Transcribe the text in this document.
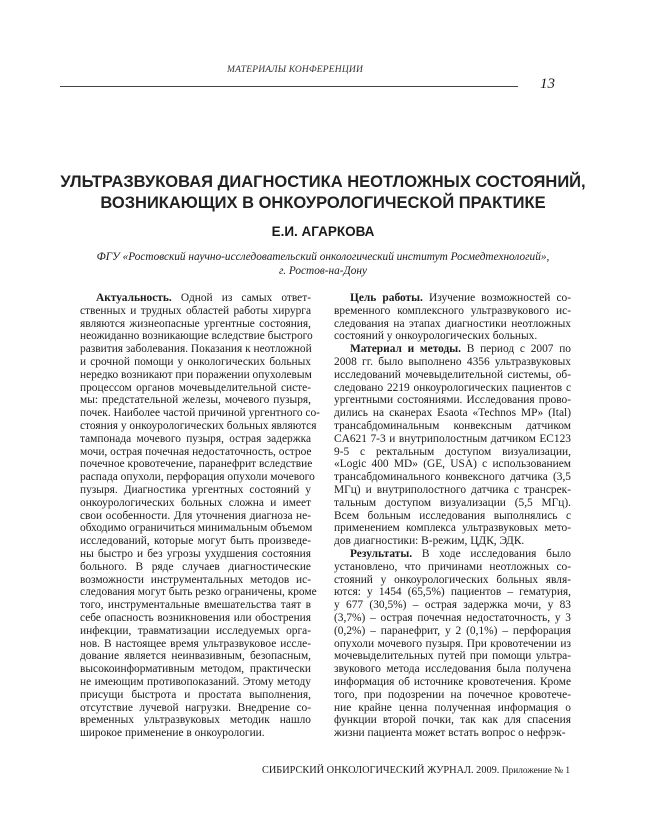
МАТЕРИАЛЫ КОНФЕРЕНЦИИ
13
УЛЬТРАЗВУКОВАЯ ДИАГНОСТИКА НЕОТЛОЖНЫХ СОСТОЯНИЙ,
ВОЗНИКАЮЩИХ В ОНКОУРОЛОГИЧЕСКОЙ ПРАКТИКЕ
Е.И. АГАРКОВА
ФГУ «Ростовский научно-исследовательский онкологический институт Росмедтехнологий»,
г. Ростов-на-Дону
Актуальность. Одной из самых ответ-
ственных и трудных областей работы хирурга
являются жизнеопасные ургентные состояния,
неожиданно возникающие вследствие быстрого
развития заболевания. Показания к неотложной
и срочной помощи у онкологических больных
нередко возникают при поражении опухолевым
процессом органов мочевыделительной систе-
мы: предстательной железы, мочевого пузыря,
почек. Наиболее частой причиной ургентного со-
стояния у онкоурологических больных являются
тампонада мочевого пузыря, острая задержка
мочи, острая почечная недостаточность, острое
почечное кровотечение, паранефрит вследствие
распада опухоли, перфорация опухоли мочевого
пузыря. Диагностика ургентных состояний у
онкоурологических больных сложна и имеет
свои особенности. Для уточнения диагноза не-
обходимо ограничиться минимальным объемом
исследований, которые могут быть произведе-
ны быстро и без угрозы ухудшения состояния
больного. В ряде случаев диагностические
возможности инструментальных методов ис-
следования могут быть резко ограничены, кроме
того, инструментальные вмешательства таят в
себе опасность возникновения или обострения
инфекции, травматизации исследуемых орга-
нов. В настоящее время ультразвуковое иссле-
дование является неинвазивным, безопасным,
высокоинформативным методом, практически
не имеющим противопоказаний. Этому методу
присущи быстрота и простата выполнения,
отсутствие лучевой нагрузки. Внедрение со-
временных ультразвуковых методик нашло
широкое применение в онкоурологии.
Цель работы. Изучение возможностей со-
временного комплексного ультразвукового ис-
следования на этапах диагностики неотложных
состояний у онкоурологических больных.
Материал и методы. В период с 2007 по
2008 гг. было выполнено 4356 ультразвуковых
исследований мочевыделительной системы, об-
следовано 2219 онкоурологических пациентов с
ургентными состояниями. Исследования прово-
дились на сканерах Esaota «Technos MP» (Ital)
трансабдоминальным конвексным датчиком
CA621 7-3 и внутриполостным датчиком EC123
9-5 с ректальным доступом визуализации,
«Logic 400 MD» (GE, USA) с использованием
трансабдоминального конвексного датчика (3,5
МГц) и внутриполостного датчика с трансрек-
тальным доступом визуализации (5,5 МГц).
Всем больным исследования выполнялись с
применением комплекса ультразвуковых мето-
дов диагностики: В-режим, ЦДК, ЭДК.
Результаты. В ходе исследования было
установлено, что причинами неотложных со-
стояний у онкоурологических больных явля-
ются: у 1454 (65,5%) пациентов – гематурия,
у 677 (30,5%) – острая задержка мочи, у 83
(3,7%) – острая почечная недостаточность, у 3
(0,2%) – паранефрит, у 2 (0,1%) – перфорация
опухоли мочевого пузыря. При кровотечении из
мочевыделительных путей при помощи ультра-
звукового метода исследования была получена
информация об источнике кровотечения. Кроме
того, при подозрении на почечное кровотече-
ние крайне ценна полученная информация о
функции второй почки, так как для спасения
жизни пациента может встать вопрос о нефрэк-
СИБИРСКИЙ ОНКОЛОГИЧЕСКИЙ ЖУРНАЛ. 2009. Приложение № 1
